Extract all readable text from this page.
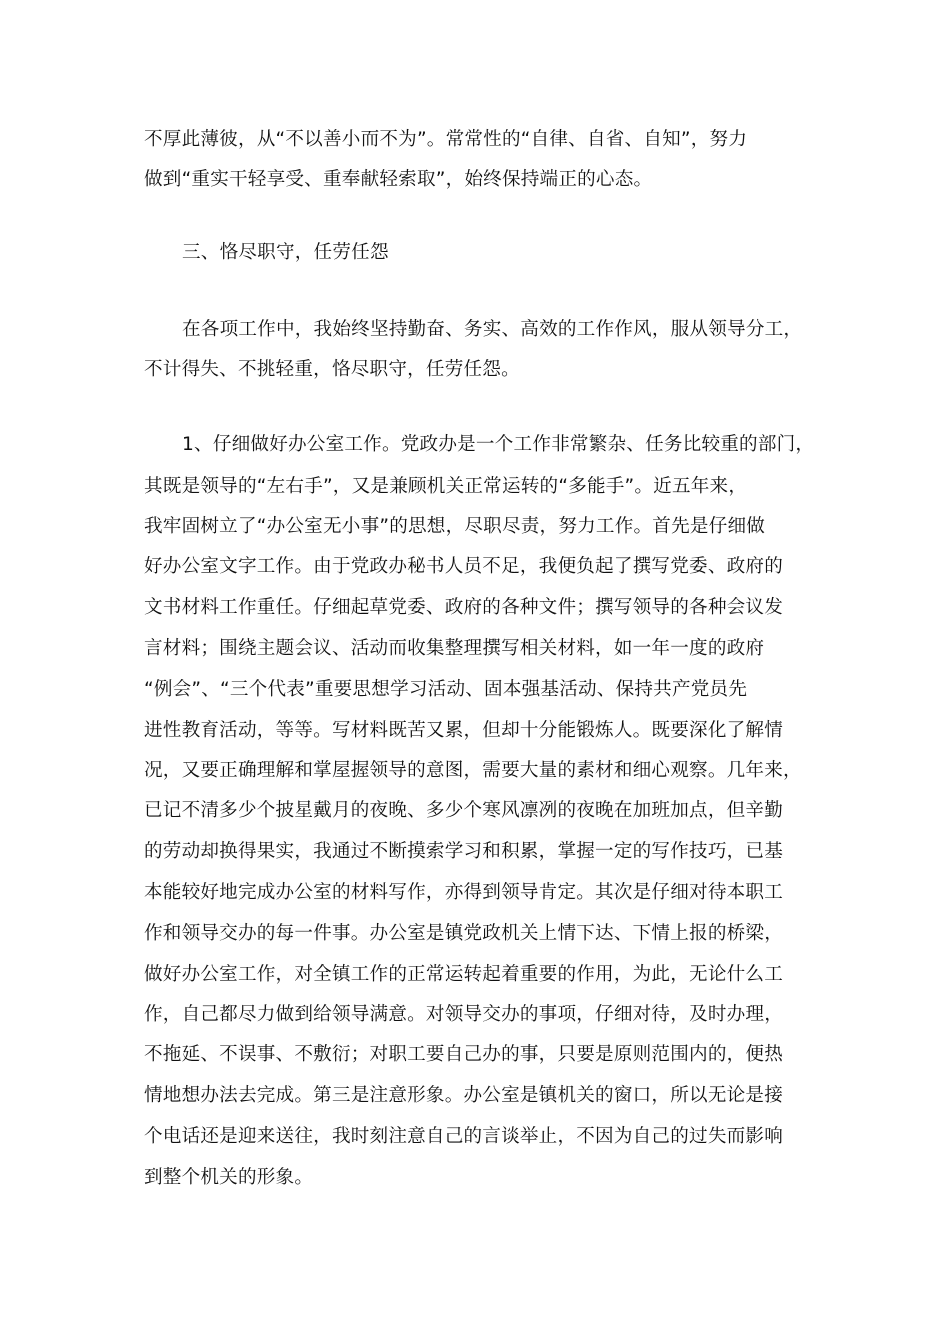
不厚此薄彼，从“不以善小而不为”。常常性的“自律、自省、自知”，努力
做到“重实干轻享受、重奉献轻索取”，始终保持端正的心态。
三、恪尽职守，任劳任怨
在各项工作中，我始终坚持勤奋、务实、高效的工作作风，服从领导分工，
不计得失、不挑轻重，恪尽职守，任劳任怨。
1、仔细做好办公室工作。党政办是一个工作非常繁杂、任务比较重的部门，
其既是领导的“左右手”，又是兼顾机关正常运转的“多能手”。近五年来，
我牢固树立了“办公室无小事”的思想，尽职尽责，努力工作。首先是仔细做
好办公室文字工作。由于党政办秘书人员不足，我便负起了撰写党委、政府的
文书材料工作重任。仔细起草党委、政府的各种文件；撰写领导的各种会议发
言材料；围绕主题会议、活动而收集整理撰写相关材料，如一年一度的政府
“例会”、“三个代表”重要思想学习活动、固本强基活动、保持共产党员先
进性教育活动，等等。写材料既苦又累，但却十分能锻炼人。既要深化了解情
况，又要正确理解和掌屋握领导的意图，需要大量的素材和细心观察。几年来，
已记不清多少个披星戴月的夜晚、多少个寒风凛冽的夜晚在加班加点，但辛勤
的劳动却换得果实，我通过不断摸索学习和积累，掌握一定的写作技巧，已基
本能较好地完成办公室的材料写作，亦得到领导肯定。其次是仔细对待本职工
作和领导交办的每一件事。办公室是镇党政机关上情下达、下情上报的桥梁，
做好办公室工作，对全镇工作的正常运转起着重要的作用，为此，无论什么工
作，自己都尽力做到给领导满意。对领导交办的事项，仔细对待，及时办理，
不拖延、不误事、不敷衍；对职工要自己办的事，只要是原则范围内的，便热
情地想办法去完成。第三是注意形象。办公室是镇机关的窗口，所以无论是接
个电话还是迎来送往，我时刻注意自己的言谈举止，不因为自己的过失而影响
到整个机关的形象。
